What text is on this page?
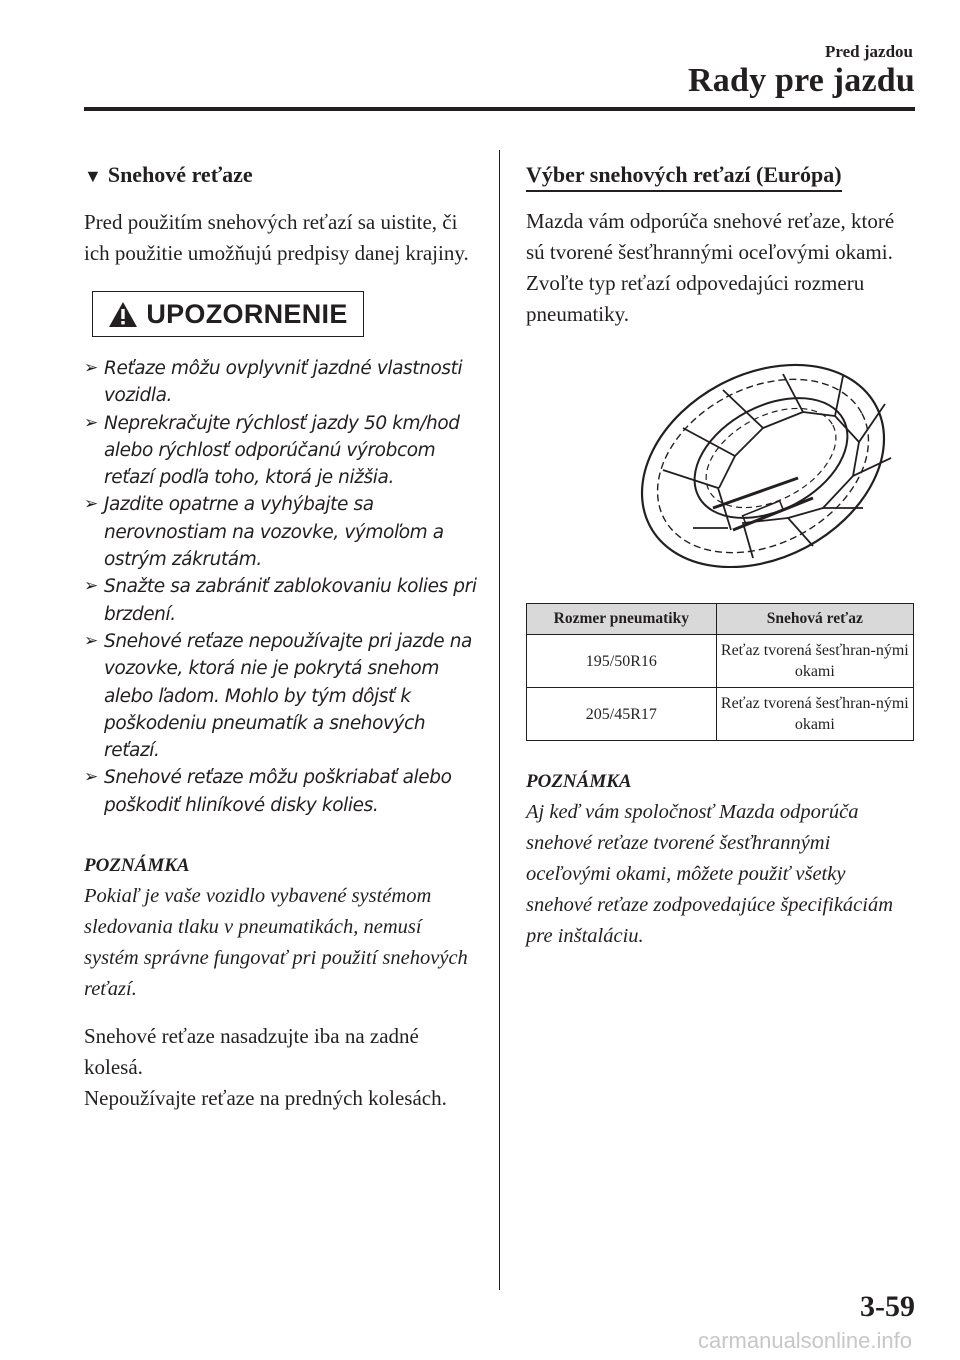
Pred jazdou
Rady pre jazdu
▼ Snehové reťaze

Pred použitím snehových reťazí sa uistite, či ich použitie umožňujú predpisy danej krajiny.

UPOZORNENIE
➢ Reťaze môžu ovplyvniť jazdné vlastnosti vozidla.
➢ Neprekračujte rýchlosť jazdy 50 km/hod alebo rýchlosť odporúčanú výrobcom reťazí podľa toho, ktorá je nižšia.
➢ Jazdite opatrne a vyhýbajte sa nerovnostiam na vozovke, výmoľom a ostrým zákrutám.
➢ Snažte sa zabrániť zablokovaniu kolies pri brzdení.
➢ Snehové reťaze nepoužívajte pri jazde na vozovke, ktorá nie je pokrytá snehom alebo ľadom. Mohlo by tým dôjsť k poškodeniu pneumatík a snehových reťazí.
➢ Snehové reťaze môžu poškriabať alebo poškodiť hliníkové disky kolies.

POZNÁMKA

Pokiaľ je vaše vozidlo vybavené systémom sledovania tlaku v pneumatikách, nemusí systém správne fungovať pri použití snehových reťazí.

Snehové reťaze nasadzujte iba na zadné kolesá.

Nepoužívajte reťaze na predných kolesách.

Výber snehových reťazí (Európa)

Mazda vám odporúča snehové reťaze, ktoré sú tvorené šesťhrannými oceľovými okami. Zvoľte typ reťazí odpovedajúci rozmeru pneumatiky.

Rozmer pneumatiky	Snehová reťaz
195/50R16	Reťaz tvorená šesťhran-nými okami
205/45R17	Reťaz tvorená šesťhran-nými okami

POZNÁMKA

Aj keď vám spoločnosť Mazda odporúča snehové reťaze tvorené šesťhrannými oceľovými okami, môžete použiť všetky snehové reťaze zodpovedajúce špecifikáciám pre inštaláciu.

3-59
carmanualsonline.info
